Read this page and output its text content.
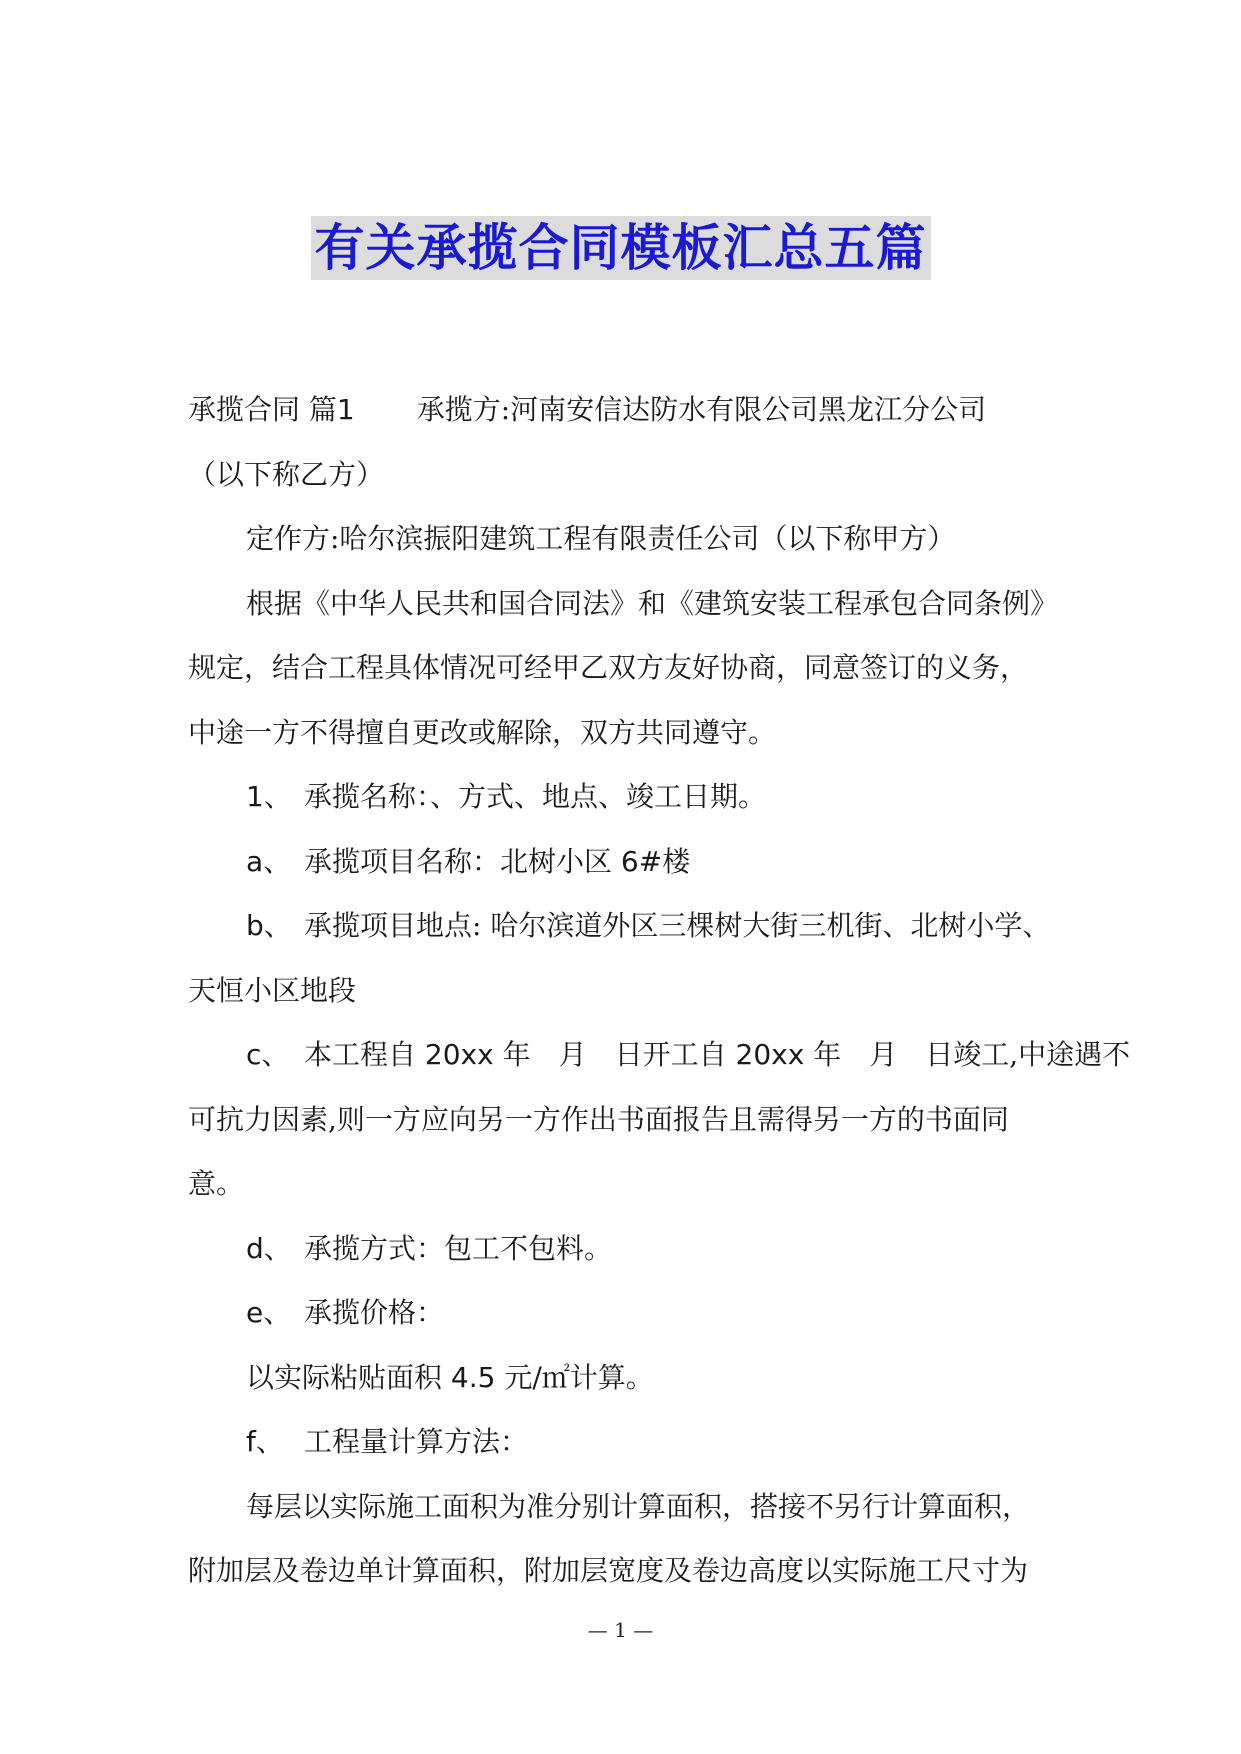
有关承揽合同模板汇总五篇

承揽合同 篇1 承揽方:河南安信达防水有限公司黑龙江分公司

（以下称乙方）

定作方:哈尔滨振阳建筑工程有限责任公司（以下称甲方）

根据《中华人民共和国合同法》和《建筑安装工程承包合同条例》

规定，结合工程具体情况可经甲乙双方友好协商，同意签订的义务，

中途一方不得擅自更改或解除，双方共同遵守。

1、 承揽名称：、方式、地点、竣工日期。

a、 承揽项目名称：北树小区 6#楼

b、 承揽项目地点: 哈尔滨道外区三棵树大街三机街、北树小学、

天恒小区地段

c、 本工程自 20xx 年　月　日开工自 20xx 年　月　日竣工,中途遇不

可抗力因素,则一方应向另一方作出书面报告且需得另一方的书面同

意。

d、 承揽方式：包工不包料。

e、 承揽价格：

以实际粘贴面积 4.5 元/㎡计算。

f、 工程量计算方法：

每层以实际施工面积为准分别计算面积，搭接不另行计算面积，

附加层及卷边单计算面积，附加层宽度及卷边高度以实际施工尺寸为

— 1 —
